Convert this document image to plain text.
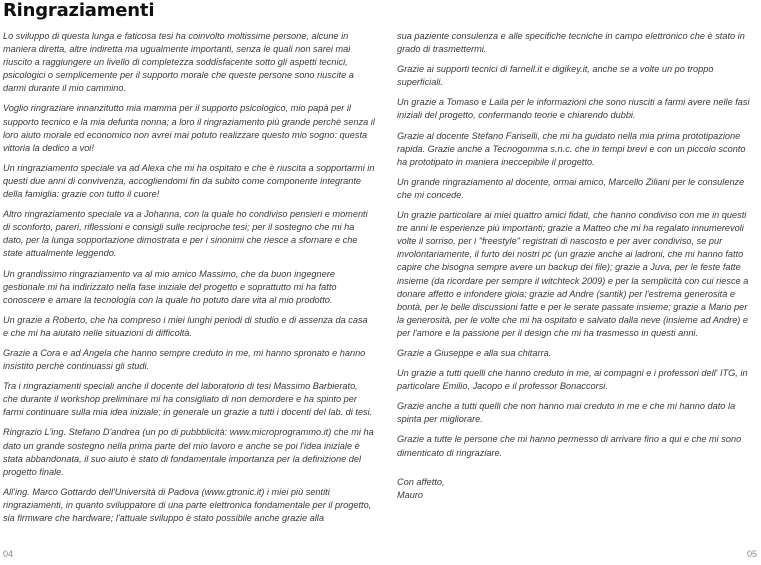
Ringraziamenti

Lo sviluppo di questa lunga e faticosa tesi ha coinvolto moltissime persone, alcune in maniera diretta, altre indiretta ma ugualmente importanti, senza le quali non sarei mai riuscito a raggiungere un livello di completezza soddisfacente sotto gli aspetti tecnici, psicologici o semplicemente per il supporto morale che queste persone sono riuscite a darmi durante il mio cammino.

Voglio ringraziare innanzitutto mia mamma per il supporto psicologico, mio papà per il supporto tecnico e la mia defunta nonna; a loro il ringraziamento più grande perchè senza il loro aiuto morale ed economico non avrei mai potuto realizzare questo mio sogno: questa vittoria la dedico a voi!

Un ringraziamento speciale va ad Alexa che mi ha ospitato e che è riuscita a sopportarmi in questi due anni di convivenza, accogliendomi fin da subito come componente integrante della famiglia: grazie con tutto il cuore!

Altro ringraziamento speciale va a Johanna, con la quale ho condiviso pensieri e momenti di sconforto, pareri, riflessioni e consigli sulle reciproche tesi; per il sostegno che mi ha dato, per la lunga sopportazione dimostrata e per i sinonimi che riesce a sfornare e che state attualmente leggendo.

Un grandissimo ringraziamento va al mio amico Massimo, che da buon ingegnere gestionale mi ha indirizzato nella fase iniziale del progetto e soprattutto mi ha fatto conoscere e amare la tecnologia con la quale ho potuto dare vita al mio prodotto.

Un grazie a Roberto, che ha compreso i miei lunghi periodi di studio e di assenza da casa e che mi ha aiutato nelle situazioni di difficoltà.

Grazie a Cora e ad Angela che hanno sempre creduto in me, mi hanno spronato e hanno insistito perchè continuassi gli studi.

Tra i ringraziamenti speciali anche il docente del laboratorio di tesi Massimo Barbierato, che durante il workshop preliminare mi ha consigliato di non demordere e ha spinto per farmi continuare sulla mia idea iniziale; in generale un grazie a tutti i docenti del lab. di tesi.

Ringrazio L'ing. Stefano D'andrea (un po di pubbblicità: www.microprogrammo.it) che mi ha dato un grande sostegno nella prima parte del mio lavoro e anche se poi l'idea iniziale è stata abbandonata, il suo aiuto è stato di fondamentale importanza per la definizione del progetto finale.

All'ing. Marco Gottardo dell'Università di Padova (www.gtronic.it) i miei più sentiti ringraziamenti, in quanto sviluppatore di una parte elettronica fondamentale per il progetto, sia firmware che hardware; l'attuale sviluppo è stato possibile anche grazie alla

sua paziente consulenza e alle specifiche tecniche in campo elettronico che è stato in grado di trasmettermi.

Grazie ai supporti tecnici di farnell.it e digikey.it, anche se a volte un po troppo superficiali.

Un grazie a Tomaso e Laila per le informazioni che sono riusciti a farmi avere nelle fasi iniziali del progetto, confermando teorie e chiarendo dubbi.

Grazie al docente Stefano Fariselli, che mi ha guidato nella mia prima prototipazione rapida. Grazie anche a Tecnogomma s.n.c. che in tempi brevi e con un piccolo sconto ha prototipato in maniera ineccepibile il progetto.

Un grande ringraziamento al docente, ormai amico, Marcello Ziliani per le consulenze che mi concede.

Un grazie particolare ai miei quattro amici fidati, che hanno condiviso con me in questi tre anni le esperienze più importanti; grazie a Matteo che mi ha regalato innumerevoli volte il sorriso, per i "freestyle" registrati di nascosto e per aver condiviso, se pur involontariamente, il furto dei nostri pc (un grazie anche ai ladroni, che mi hanno fatto capire che bisogna sempre avere un backup dei file); grazie a Juva, per le feste fatte insieme (da ricordare per sempre il witchteck 2009) e per la semplicità con cui riesce a donare affetto e infondere gioia; grazie ad Andre (santik) per l'estrema generosità e bontà, per le belle discussioni fatte e per le serate passate insieme; grazie a Mario per la generosità, per le volte che mi ha ospitato e salvato dalla neve (insieme ad Andre) e per l'amore e la passione per il design che mi ha trasmesso in questi anni.

Grazie a Giuseppe e alla sua chitarra.

Un grazie a tutti quelli che hanno creduto in me, ai compagni e i professori dell' ITG, in particolare Emilio, Jacopo e il professor Bonaccorsi.

Grazie anche a tutti quelli che non hanno mai creduto in me e che mi hanno dato la spinta per migliorare.

Grazie a tutte le persone che mi hanno permesso di arrivare fino a qui e che mi sono dimenticato di ringraziare.

Con affetto,
Mauro

04	05
